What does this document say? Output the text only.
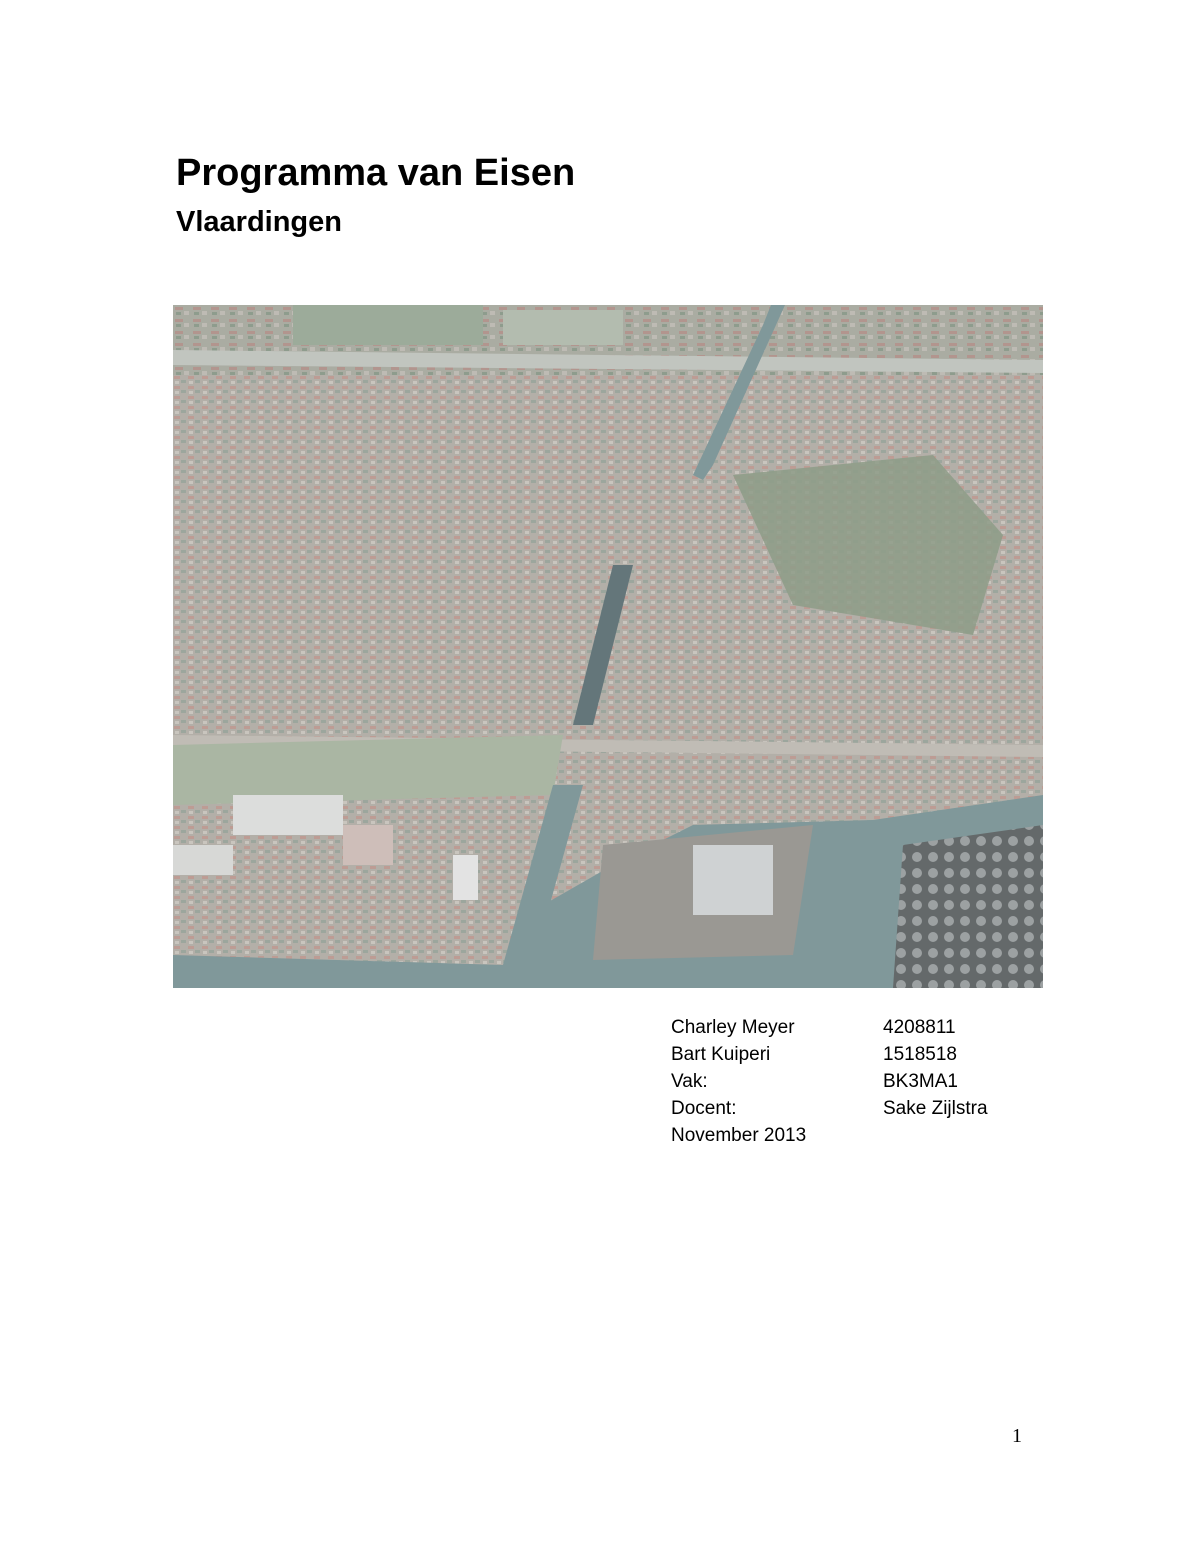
Programma van Eisen
Vlaardingen
Charley Meyer	4208811
Bart Kuiperi	1518518
Vak:	BK3MA1
Docent:	Sake Zijlstra
November 2013
1
